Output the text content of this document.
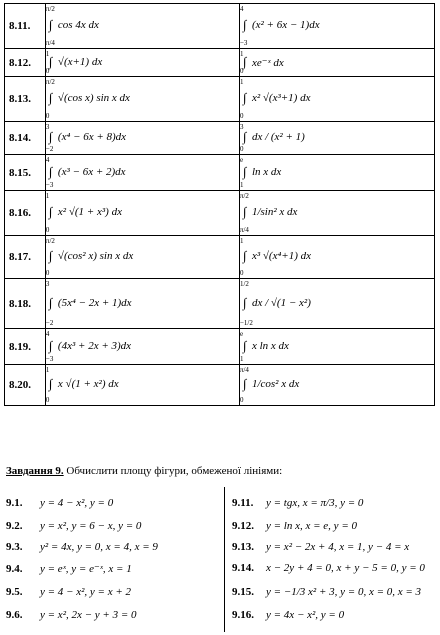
8.11.	π/2
∫
π/4
cos 4x dx	4
∫
−3
(x² + 6x − 1)dx

8.12.	1 ∫
0
√(x+1) dx	1 ∫
0
xe⁻ˣ dx

8.13.	π/2
∫
0
√(cos x) sin x dx	1
∫
0
x² √(x³+1) dx

8.14.	3
∫
−2
(x⁴ − 6x + 8)dx	3
∫
0
dx / (x² + 1)

8.15.	4
∫
−3
(x³ − 6x + 2)dx	e
∫
1
ln x dx

8.16.	1
∫
0
x² √(1 + x³) dx	π/2
∫
π/4
1/sin² x dx

8.17.	π/2
∫
0
√(cos² x) sin x dx	1
∫
0
x³ √(x⁴+1) dx

8.18.	3
∫
−2
(5x⁴ − 2x + 1)dx	1/2
∫
−1/2
dx / √(1 − x²)

8.19.	4
∫
−3
(4x³ + 2x + 3)dx	e
∫
1
x ln x dx

8.20.	1
∫
0
x √(1 + x²) dx	π/4
∫
0
1/cos² x dx
Завдання 9. Обчислити площу фігури, обмеженої лініями:
9.1. y = 4 − x², y = 0
9.2. y = x², y = 6 − x, y = 0
9.3. y² = 4x, y = 0, x = 4, x = 9
9.4. y = eˣ, y = e⁻ˣ, x = 1
9.5. y = 4 − x², y = x + 2
9.6. y = x², 2x − y + 3 = 0
9.11. y = tgx, x = π/3, y = 0
9.12. y = ln x, x = e, y = 0
9.13. y = x² − 2x + 4, x = 1, y − 4 = x
9.14. x − 2y + 4 = 0, x + y − 5 = 0, y = 0
9.15. y = −1/3 x² + 3, y = 0, x = 0, x = 3
9.16. y = 4x − x², y = 0
